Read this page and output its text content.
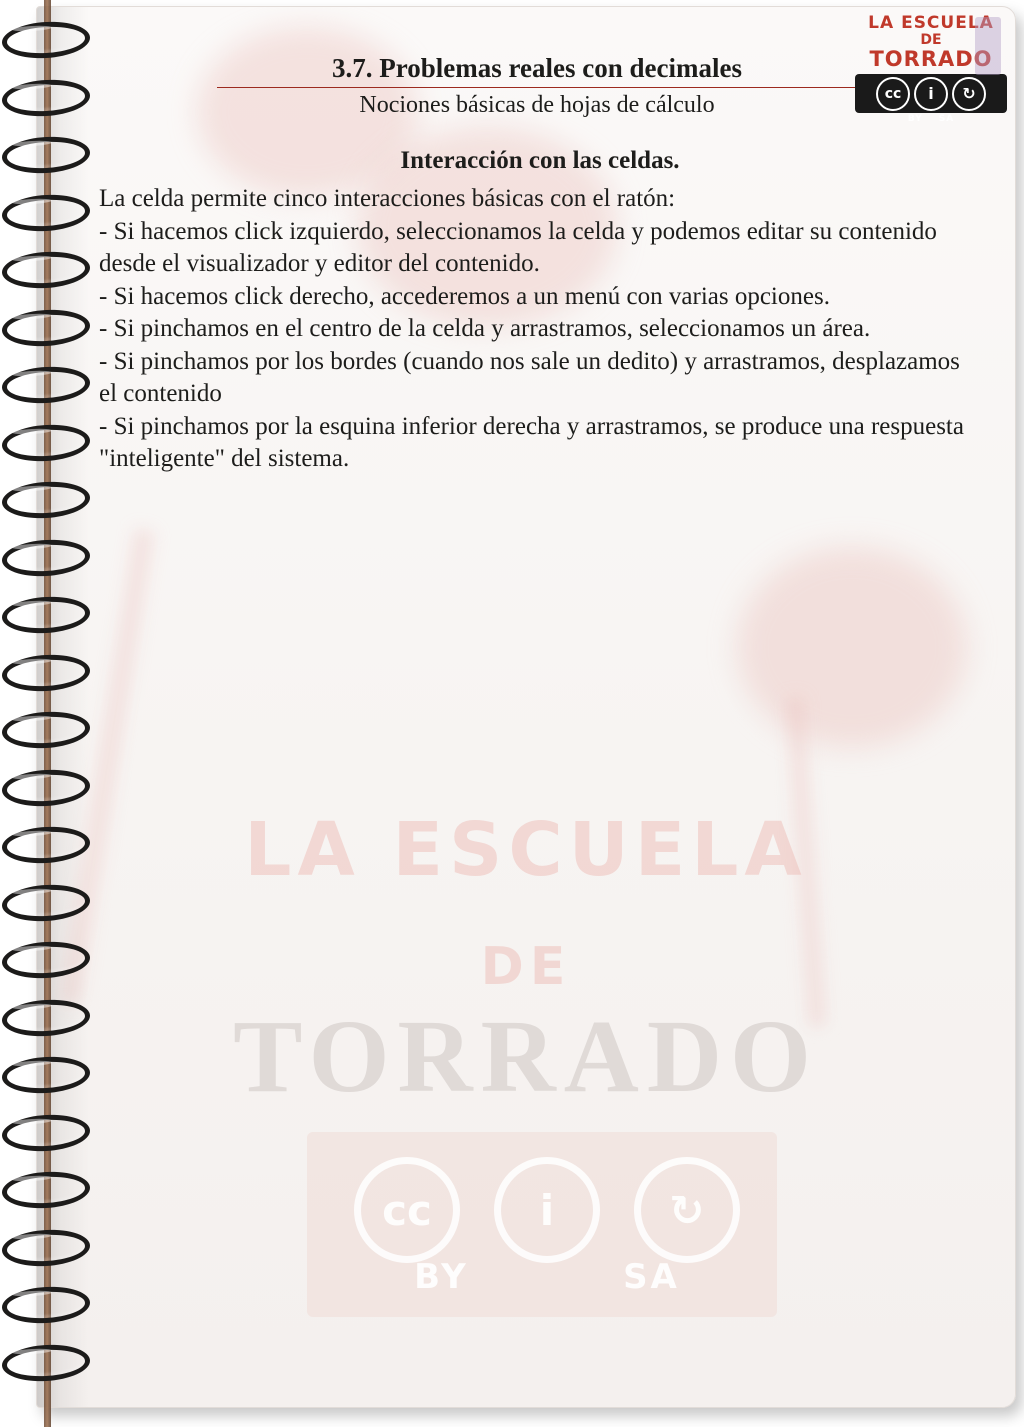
LA ESCUELA
DE
TORRADO
cc	i	↻
BY	SA
3.7. Problemas reales con decimales
Nociones básicas de hojas de cálculo
LA ESCUELA
DE
TORRADO
cc	i	↻
BY SA

Interacción con las celdas.

La celda permite cinco interacciones básicas con el ratón:

- Si hacemos click izquierdo, seleccionamos la celda y podemos editar su contenido desde el visualizador y editor del contenido.

- Si hacemos click derecho, accederemos a un menú con varias opciones.

- Si pinchamos en el centro de la celda y arrastramos, seleccionamos un área.

- Si pinchamos por los bordes (cuando nos sale un dedito) y arrastramos, desplazamos el contenido

- Si pinchamos por la esquina inferior derecha y arrastramos, se produce una respuesta "inteligente" del sistema.
